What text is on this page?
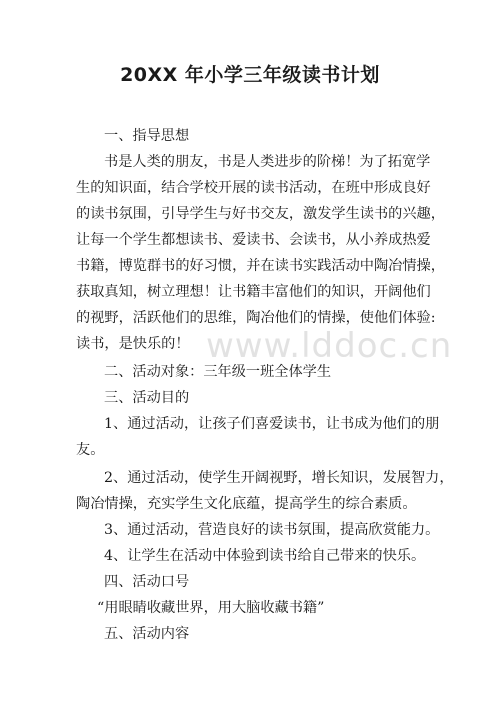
20XX 年小学三年级读书计划
一、指导思想
书是人类的朋友，书是人类进步的阶梯！为了拓宽学
生的知识面，结合学校开展的读书活动，在班中形成良好
的读书氛围，引导学生与好书交友，激发学生读书的兴趣，
让每一个学生都想读书、爱读书、会读书，从小养成热爱
书籍，博览群书的好习惯，并在读书实践活动中陶冶情操，
获取真知，树立理想！让书籍丰富他们的知识，开阔他们
的视野，活跃他们的思维，陶冶他们的情操，使他们体验:
读书，是快乐的！
二、活动对象：三年级一班全体学生
三、活动目的
1、通过活动，让孩子们喜爱读书，让书成为他们的朋
友。
2、通过活动，使学生开阔视野，增长知识，发展智力，
陶冶情操，充实学生文化底蕴，提高学生的综合素质。
3、通过活动，营造良好的读书氛围，提高欣赏能力。
4、让学生在活动中体验到读书给自己带来的快乐。
四、活动口号
“用眼睛收藏世界，用大脑收藏书籍”
五、活动内容
www.lddoc.cn
